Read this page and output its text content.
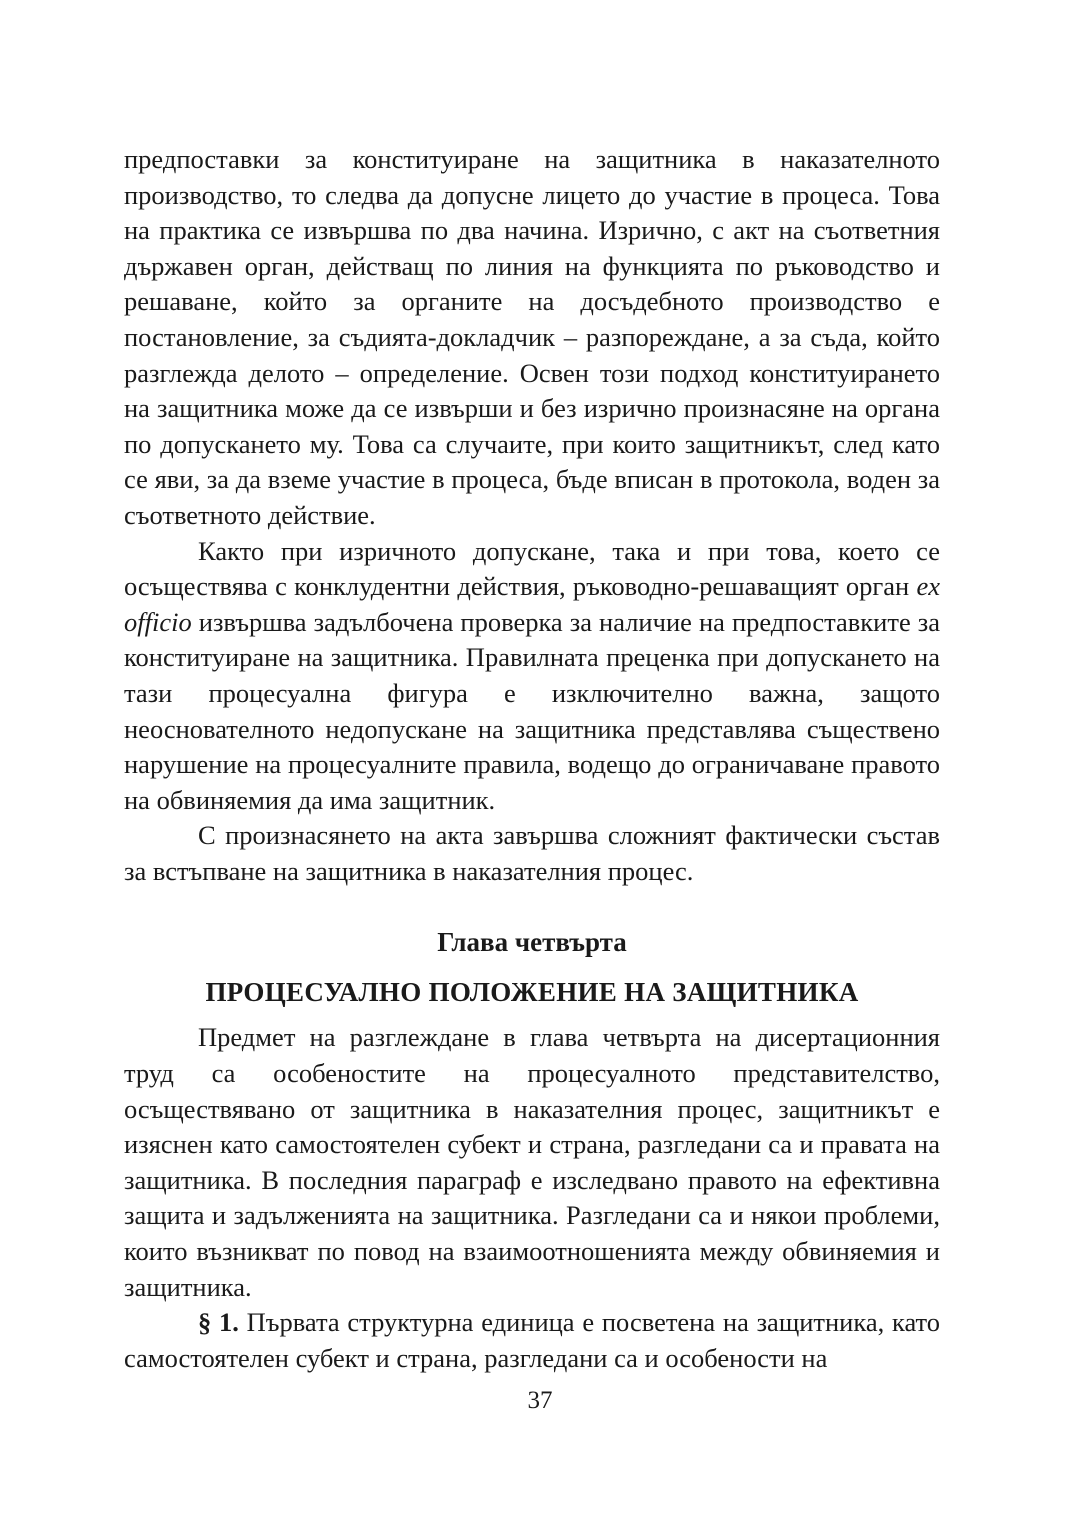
предпоставки за конституиране на защитника в наказателното производство, то следва да допусне лицето до участие в процеса. Това на практика се извършва по два начина. Изрично, с акт на съответния държавен орган, действащ по линия на функцията по ръководство и решаване, който за органите на досъдебното производство е постановление, за съдията-докладчик – разпореждане, а за съда, който разглежда делото – определение. Освен този подход конституирането на защитника може да се извърши и без изрично произнасяне на органа по допускането му. Това са случаите, при които защитникът, след като се яви, за да вземе участие в процеса, бъде вписан в протокола, воден за съответното действие.

Както при изричното допускане, така и при това, което се осъществява с конклудентни действия, ръководно-решаващият орган ex officio извършва задълбочена проверка за наличие на предпоставките за конституиране на защитника. Правилната преценка при допускането на тази процесуална фигура е изключително важна, защото неоснователното недопускане на защитника представлява съществено нарушение на процесуалните правила, водещо до ограничаване правото на обвиняемия да има защитник.

С произнасянето на акта завършва сложният фактически състав за встъпване на защитника в наказателния процес.

Глава четвърта
ПРОЦЕСУАЛНО ПОЛОЖЕНИЕ НА ЗАЩИТНИКА

Предмет на разглеждане в глава четвърта на дисертационния труд са особеностите на процесуалното представителство, осъществявано от защитника в наказателния процес, защитникът е изяснен като самостоятелен субект и страна, разгледани са и правата на защитника. В последния параграф е изследвано правото на ефективна защита и задълженията на защитника. Разгледани са и някои проблеми, които възникват по повод на взаимоотношенията между обвиняемия и защитника.

§ 1. Първата структурна единица е посветена на защитника, като самостоятелен субект и страна, разгледани са и особености на

37
